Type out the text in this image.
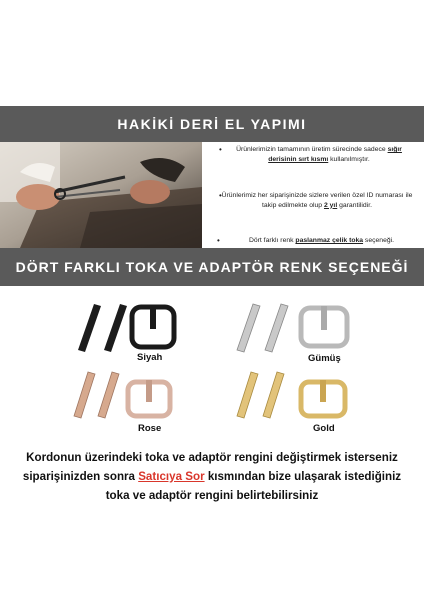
HAKİKİ DERİ EL YAPIMI
• Ürünlerimizin tamamının üretim sürecinde sadece sığır derisinin sırt kısmı kullanılmıştır.
• Ürünlerimiz her siparişinizde sizlere verilen özel ID numarası ile takip edilmekte olup 2 yıl garantilidir.
•	Dört farklı renk paslanmaz çelik toka seçeneği.
DÖRT FARKLI TOKA VE ADAPTÖR RENK SEÇENEĞİ
Siyah	Gümüş
Rose	Gold
Kordonun üzerindeki toka ve adaptör rengini değiştirmek isterseniz
siparişinizden sonra Satıcıya Sor kısmından bize ulaşarak istediğiniz
toka ve adaptör rengini belirtebilirsiniz
